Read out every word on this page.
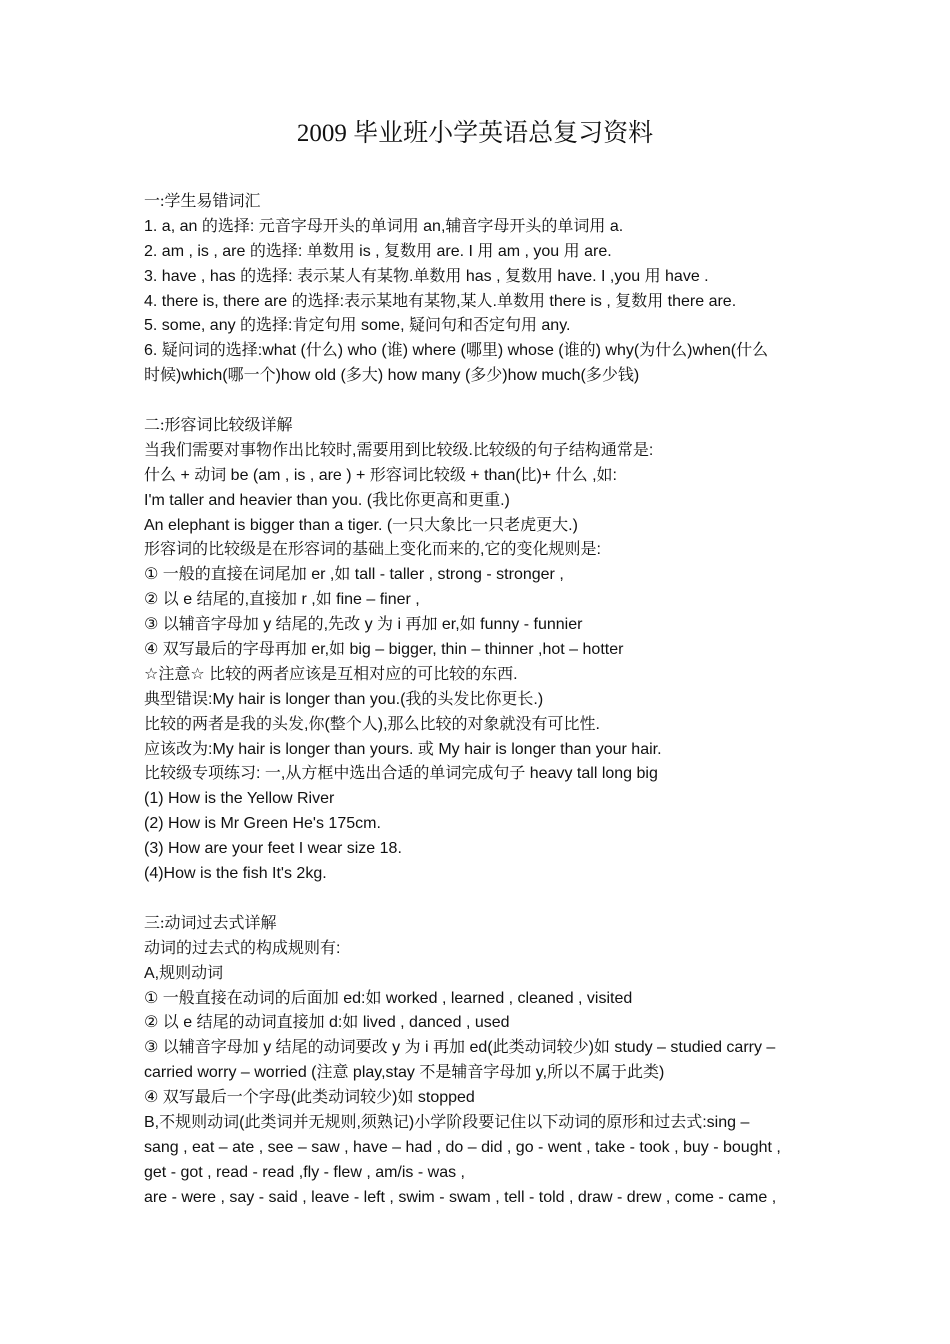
2009 毕业班小学英语总复习资料
一:学生易错词汇
1. a, an 的选择: 元音字母开头的单词用 an,辅音字母开头的单词用 a.
2. am , is , are 的选择: 单数用 is , 复数用 are. I 用 am , you 用 are.
3. have , has 的选择: 表示某人有某物.单数用 has , 复数用 have. I ,you 用 have .
4. there is, there are 的选择:表示某地有某物,某人.单数用 there is , 复数用 there are.
5. some, any 的选择:肯定句用 some, 疑问句和否定句用 any.
6. 疑问词的选择:what (什么) who (谁) where (哪里) whose (谁的) why(为什么)when(什么
时候)which(哪一个)how old (多大) how many (多少)how much(多少钱)
二:形容词比较级详解
当我们需要对事物作出比较时,需要用到比较级.比较级的句子结构通常是:
什么 + 动词 be (am , is , are ) + 形容词比较级 + than(比)+ 什么 ,如:
I'm taller and heavier than you. (我比你更高和更重.)
An elephant is bigger than a tiger. (一只大象比一只老虎更大.)
形容词的比较级是在形容词的基础上变化而来的,它的变化规则是:
① 一般的直接在词尾加 er ,如 tall - taller , strong - stronger ,
② 以 e 结尾的,直接加 r ,如 fine – finer ,
③ 以辅音字母加 y 结尾的,先改 y 为 i 再加 er,如 funny - funnier
④ 双写最后的字母再加 er,如 big – bigger, thin – thinner ,hot – hotter
☆注意☆ 比较的两者应该是互相对应的可比较的东西.
典型错误:My hair is longer than you.(我的头发比你更长.)
比较的两者是我的头发,你(整个人),那么比较的对象就没有可比性.
应该改为:My hair is longer than yours. 或 My hair is longer than your hair.
比较级专项练习: 一,从方框中选出合适的单词完成句子 heavy tall long big
(1) How is the Yellow River
(2) How is Mr Green He's 175cm.
(3) How are your feet I wear size 18.
(4)How is the fish It's 2kg.
三:动词过去式详解
动词的过去式的构成规则有:
A,规则动词
① 一般直接在动词的后面加 ed:如 worked , learned , cleaned , visited
② 以 e 结尾的动词直接加 d:如 lived , danced , used
③ 以辅音字母加 y 结尾的动词要改 y 为 i 再加 ed(此类动词较少)如 study – studied carry –
carried worry – worried (注意 play,stay 不是辅音字母加 y,所以不属于此类)
④ 双写最后一个字母(此类动词较少)如 stopped
B,不规则动词(此类词并无规则,须熟记)小学阶段要记住以下动词的原形和过去式:sing –
sang , eat – ate , see – saw , have – had , do – did , go - went , take - took , buy - bought ,
get - got , read - read ,fly - flew , am/is - was ,
are - were , say - said , leave - left , swim - swam , tell - told , draw - drew , come - came ,
